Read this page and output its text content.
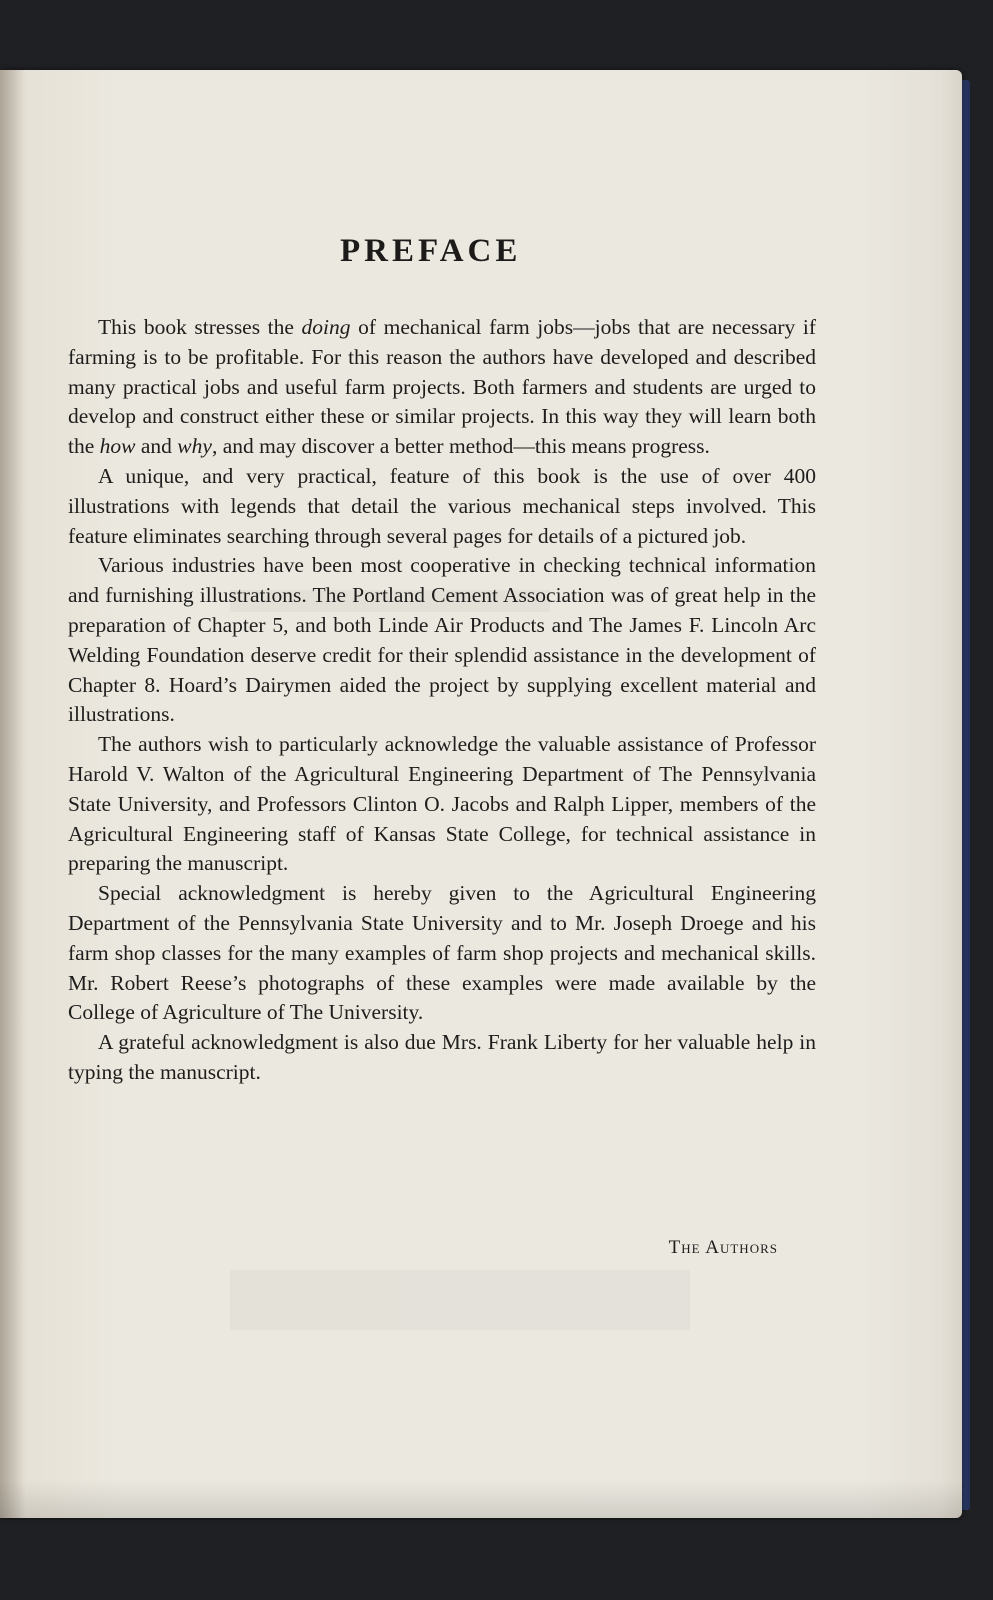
PREFACE

This book stresses the doing of mechanical farm jobs—jobs that are necessary if farming is to be profitable. For this reason the authors have developed and described many practical jobs and useful farm projects. Both farmers and students are urged to develop and construct either these or similar projects. In this way they will learn both the how and why, and may discover a better method—this means progress.

A unique, and very practical, feature of this book is the use of over 400 illustrations with legends that detail the various mechanical steps involved. This feature eliminates searching through several pages for details of a pictured job.

Various industries have been most cooperative in checking technical information and furnishing illustrations. The Portland Cement Association was of great help in the preparation of Chapter 5, and both Linde Air Products and The James F. Lincoln Arc Welding Foundation deserve credit for their splendid assistance in the development of Chapter 8. Hoard’s Dairymen aided the project by supplying excellent material and illustrations.

The authors wish to particularly acknowledge the valuable assistance of Professor Harold V. Walton of the Agricultural Engineering Department of The Pennsylvania State University, and Professors Clinton O. Jacobs and Ralph Lipper, members of the Agricultural Engineering staff of Kansas State College, for technical assistance in preparing the manuscript.

Special acknowledgment is hereby given to the Agricultural Engineering Department of the Pennsylvania State University and to Mr. Joseph Droege and his farm shop classes for the many examples of farm shop projects and mechanical skills. Mr. Robert Reese’s photographs of these examples were made available by the College of Agriculture of The University.

A grateful acknowledgment is also due Mrs. Frank Liberty for her valuable help in typing the manuscript.

The Authors
